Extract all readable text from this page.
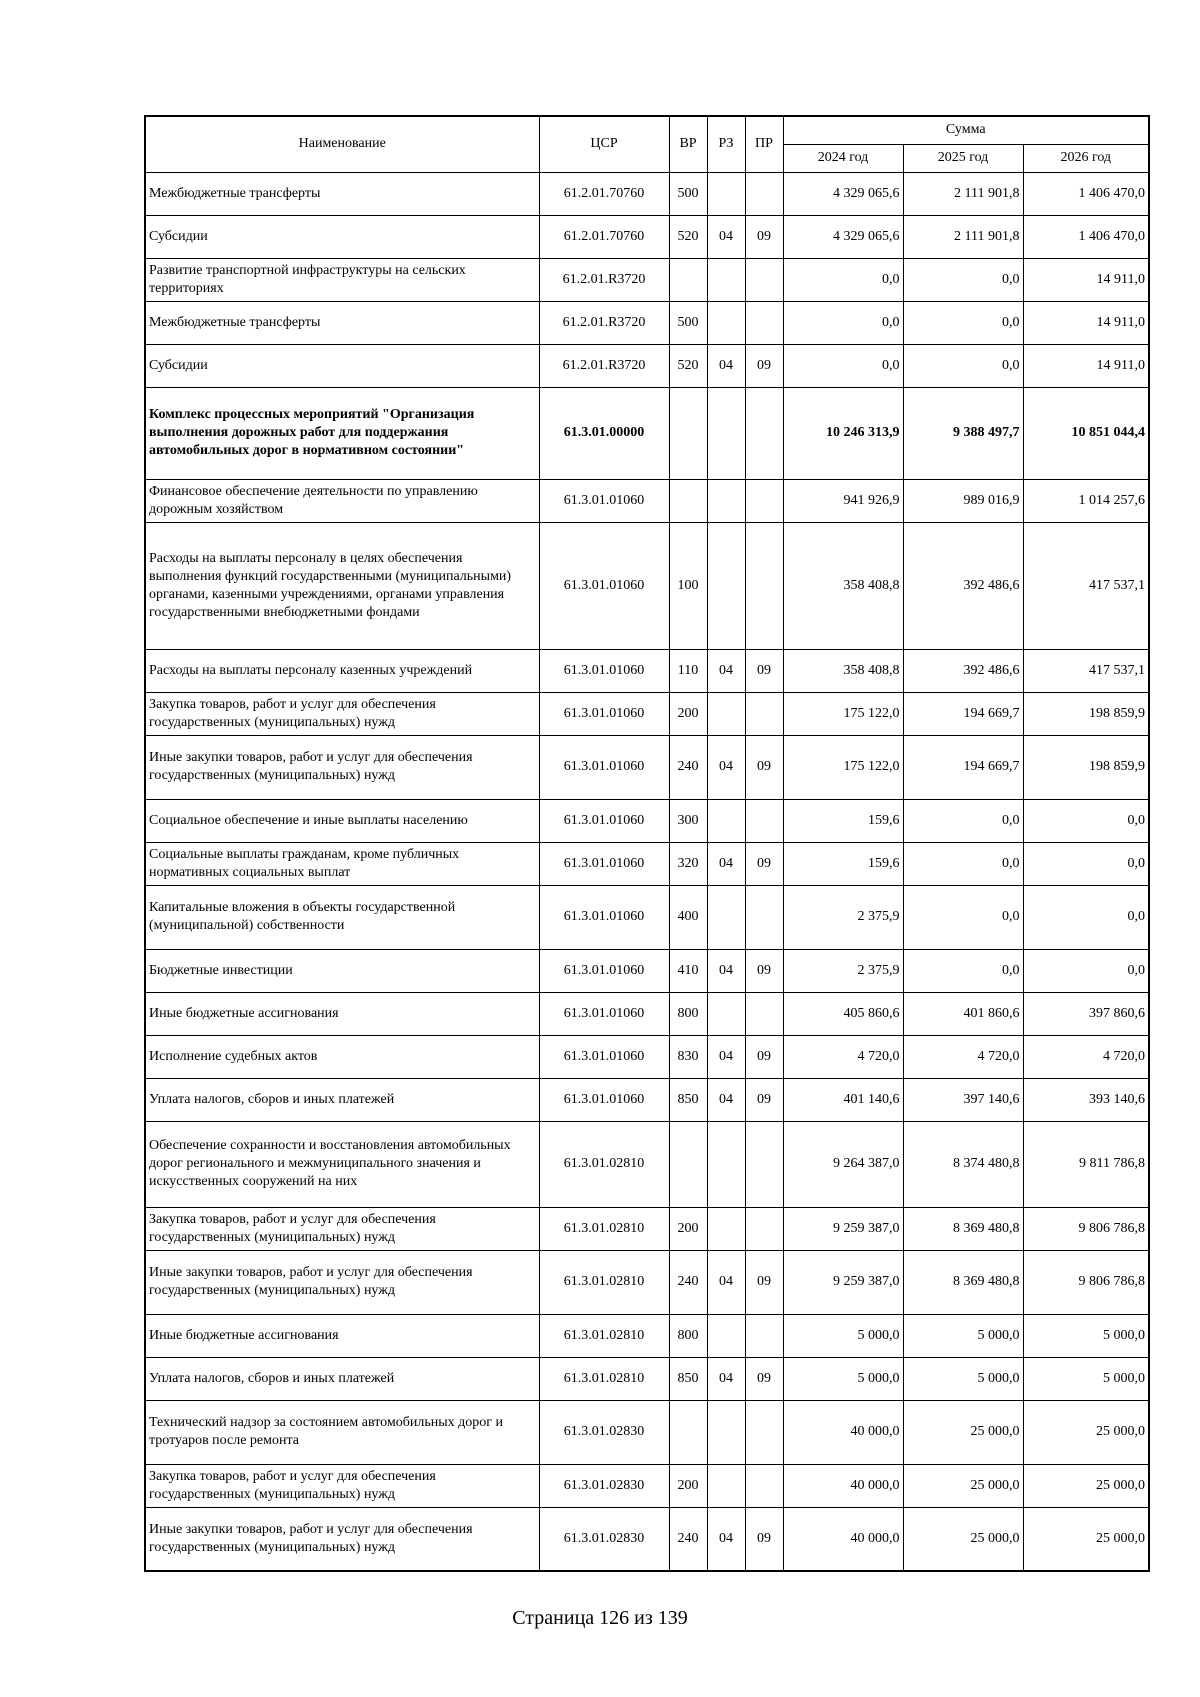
Наименование	ЦСР	ВР	РЗ	ПР	Сумма		
					2024 год	2025 год	2026 год
Межбюджетные трансферты	61.2.01.70760	500			4 329 065,6	2 111 901,8	1 406 470,0
Субсидии	61.2.01.70760	520	04	09	4 329 065,6	2 111 901,8	1 406 470,0
Развитие транспортной инфраструктуры на сельских территориях	61.2.01.R3720				0,0	0,0	14 911,0
Межбюджетные трансферты	61.2.01.R3720	500			0,0	0,0	14 911,0
Субсидии	61.2.01.R3720	520	04	09	0,0	0,0	14 911,0
Комплекс процессных мероприятий "Организация выполнения дорожных работ для поддержания автомобильных дорог в нормативном состоянии"	61.3.01.00000				10 246 313,9	9 388 497,7	10 851 044,4
Финансовое обеспечение деятельности по управлению дорожным хозяйством	61.3.01.01060				941 926,9	989 016,9	1 014 257,6
Расходы на выплаты персоналу в целях обеспечения выполнения функций государственными (муниципальными) органами, казенными учреждениями, органами управления государственными внебюджетными фондами	61.3.01.01060	100			358 408,8	392 486,6	417 537,1
Расходы на выплаты персоналу казенных учреждений	61.3.01.01060	110	04	09	358 408,8	392 486,6	417 537,1
Закупка товаров, работ и услуг для обеспечения государственных (муниципальных) нужд	61.3.01.01060	200			175 122,0	194 669,7	198 859,9
Иные закупки товаров, работ и услуг для обеспечения государственных (муниципальных) нужд	61.3.01.01060	240	04	09	175 122,0	194 669,7	198 859,9
Социальное обеспечение и иные выплаты населению	61.3.01.01060	300			159,6	0,0	0,0
Социальные выплаты гражданам, кроме публичных нормативных социальных выплат	61.3.01.01060	320	04	09	159,6	0,0	0,0
Капитальные вложения в объекты государственной (муниципальной) собственности	61.3.01.01060	400			2 375,9	0,0	0,0
Бюджетные инвестиции	61.3.01.01060	410	04	09	2 375,9	0,0	0,0
Иные бюджетные ассигнования	61.3.01.01060	800			405 860,6	401 860,6	397 860,6
Исполнение судебных актов	61.3.01.01060	830	04	09	4 720,0	4 720,0	4 720,0
Уплата налогов, сборов и иных платежей	61.3.01.01060	850	04	09	401 140,6	397 140,6	393 140,6
Обеспечение сохранности и восстановления автомобильных дорог регионального и межмуниципального значения и искусственных сооружений на них	61.3.01.02810				9 264 387,0	8 374 480,8	9 811 786,8
Закупка товаров, работ и услуг для обеспечения государственных (муниципальных) нужд	61.3.01.02810	200			9 259 387,0	8 369 480,8	9 806 786,8
Иные закупки товаров, работ и услуг для обеспечения государственных (муниципальных) нужд	61.3.01.02810	240	04	09	9 259 387,0	8 369 480,8	9 806 786,8
Иные бюджетные ассигнования	61.3.01.02810	800			5 000,0	5 000,0	5 000,0
Уплата налогов, сборов и иных платежей	61.3.01.02810	850	04	09	5 000,0	5 000,0	5 000,0
Технический надзор за состоянием автомобильных дорог и тротуаров после ремонта	61.3.01.02830				40 000,0	25 000,0	25 000,0
Закупка товаров, работ и услуг для обеспечения государственных (муниципальных) нужд	61.3.01.02830	200			40 000,0	25 000,0	25 000,0
Иные закупки товаров, работ и услуг для обеспечения государственных (муниципальных) нужд	61.3.01.02830	240	04	09	40 000,0	25 000,0	25 000,0
Страница 126 из 139
